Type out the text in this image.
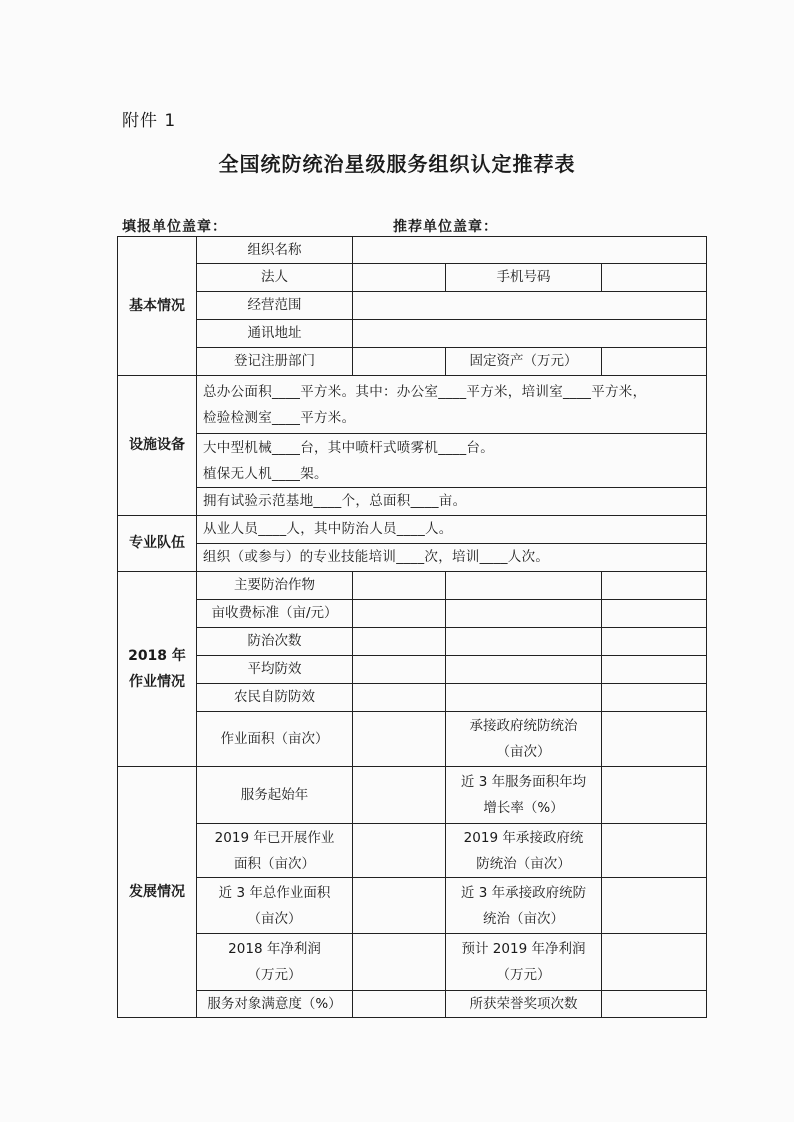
附件 1
全国统防统治星级服务组织认定推荐表
填报单位盖章：	推荐单位盖章：
基本情况	组织名称			
	法人		手机号码	
	经营范围			
	通讯地址			
	登记注册部门		固定资产（万元）	
设施设备	总办公面积____平方米。其中：办公室____平方米，培训室____平方米，
检验检测室____平方米。			

	大中型机械____台，其中喷杆式喷雾机____台。
植保无人机____架。			

	拥有试验示范基地____个，总面积____亩。			
专业队伍	从业人员____人，其中防治人员____人。			
	组织（或参与）的专业技能培训____次，培训____人次。			

2018 年
作业情况	主要防治作物			
	亩收费标准（亩/元）			
	防治次数			
	平均防效			
	农民自防防效			
	作业面积（亩次）		承接政府统防统治
（亩次）	

发展情况	服务起始年		近 3 年服务面积年均
增长率（%）	

	2019 年已开展作业
面积（亩次）		2019 年承接政府统
防统治（亩次）	

	近 3 年总作业面积
（亩次）		近 3 年承接政府统防
统治（亩次）	

	2018 年净利润
（万元）		预计 2019 年净利润
（万元）	

	服务对象满意度（%）		所获荣誉奖项次数	
